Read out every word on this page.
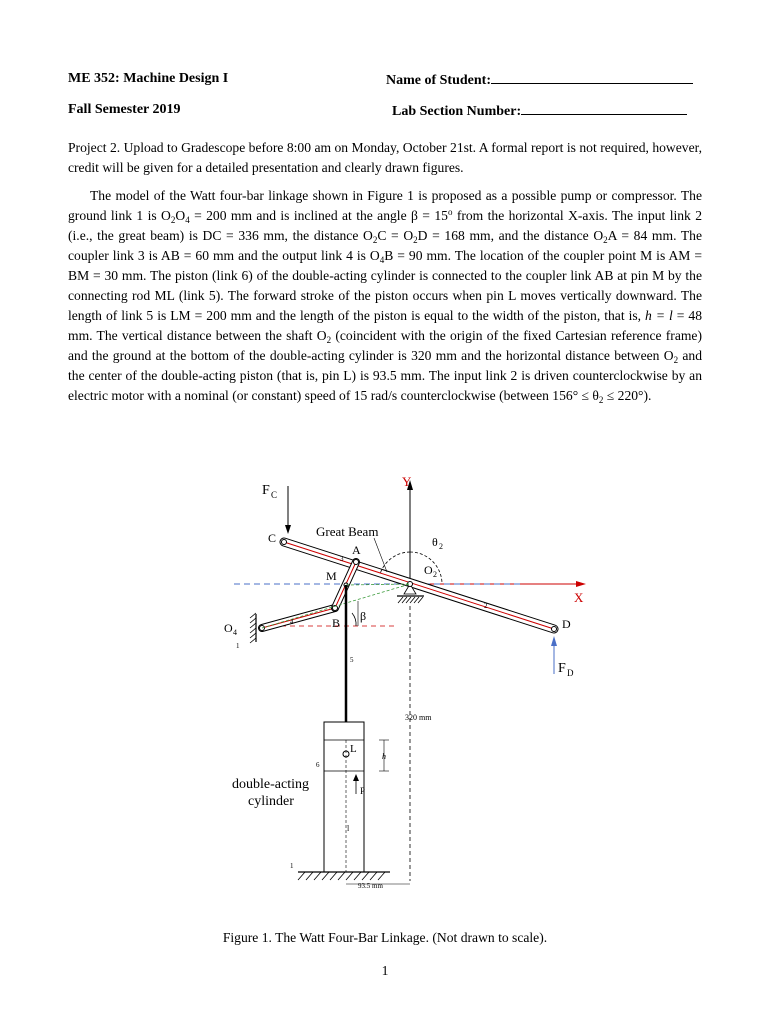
ME 352: Machine Design I	Name of Student:
Fall Semester 2019	Lab Section Number:
Project 2. Upload to Gradescope before 8:00 am on Monday, October 21st. A formal report is not required, however, credit will be given for a detailed presentation and clearly drawn figures.
The model of the Watt four-bar linkage shown in Figure 1 is proposed as a possible pump or compressor. The ground link 1 is $O_2O_4 = 200$ mm and is inclined at the angle $\beta = 15^o$ from the horizontal X-axis. The input link 2 (i.e., the great beam) is DC = 336 mm, the distance $O_2C = O_2D = 168$ mm, and the distance $O_2A = 84$ mm. The coupler link 3 is AB = 60 mm and the output link 4 is $O_4B = 90$ mm. The location of the coupler point M is AM = BM = 30 mm. The piston (link 6) of the double-acting cylinder is connected to the coupler link AB at pin M by the connecting rod ML (link 5). The forward stroke of the piston occurs when pin L moves vertically downward. The length of link 5 is LM = 200 mm and the length of the piston is equal to the width of the piston, that is, h = l = 48 mm. The vertical distance between the shaft $O_2$ (coincident with the origin of the fixed Cartesian reference frame) and the ground at the bottom of the double-acting cylinder is 320 mm and the horizontal distance between $O_2$ and the center of the double-acting piston (that is, pin L) is 93.5 mm. The input link 2 is driven counterclockwise by an electric motor with a nominal (or constant) speed of 15 rad/s counterclockwise (between $156^\circ \le \theta_2 \le 220^\circ$).
Y
X
320 mm
F C
Great Beam
C
D
2
O 2
θ 2
O 4
4
1
A
M
B
3
β
5
L
6
h
P
l
1
93.5 mm
double-acting
cylinder
F D
Figure 1. The Watt Four-Bar Linkage. (Not drawn to scale).
1
